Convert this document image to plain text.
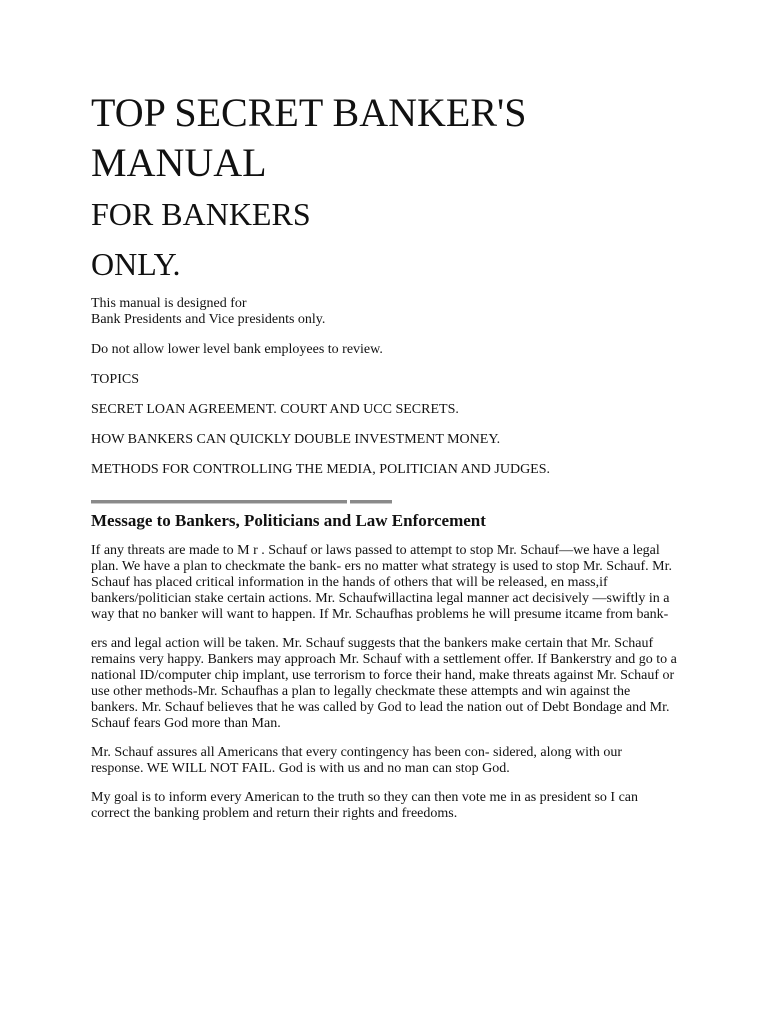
TOP SECRET BANKER'S MANUAL
FOR BANKERS
ONLY.

This manual is designed for

Bank Presidents and Vice presidents only.

Do not allow lower level bank employees to review.

TOPICS

SECRET LOAN AGREEMENT. COURT AND UCC SECRETS.

HOW BANKERS CAN QUICKLY DOUBLE INVESTMENT MONEY.

METHODS FOR CONTROLLING THE MEDIA, POLITICIAN AND JUDGES.

Message to Bankers, Politicians and Law Enforcement

If any threats are made to M r . Schauf or laws passed to attempt to stop Mr. Schauf—we have a legal plan. We have a plan to checkmate the bank- ers no matter what strategy is used to stop Mr. Schauf. Mr. Schauf has placed critical information in the hands of others that will be released, en mass,if bankers/politician stake certain actions. Mr. Schaufwillactina legal manner act decisively —swiftly in a way that no banker will want to happen. If Mr. Schaufhas problems he will presume itcame from bank-

ers and legal action will be taken. Mr. Schauf suggests that the bankers make certain that Mr. Schauf remains very happy. Bankers may approach Mr. Schauf with a settlement offer. If Bankerstry and go to a national ID/computer chip implant, use terrorism to force their hand, make threats against Mr. Schauf or use other methods-Mr. Schaufhas a plan to legally checkmate these attempts and win against the bankers. Mr. Schauf believes that he was called by God to lead the nation out of Debt Bondage and Mr. Schauf fears God more than Man.

Mr. Schauf assures all Americans that every contingency has been con- sidered, along with our response. WE WILL NOT FAIL. God is with us and no man can stop God.

My goal is to inform every American to the truth so they can then vote me in as president so I can correct the banking problem and return their rights and freedoms.
